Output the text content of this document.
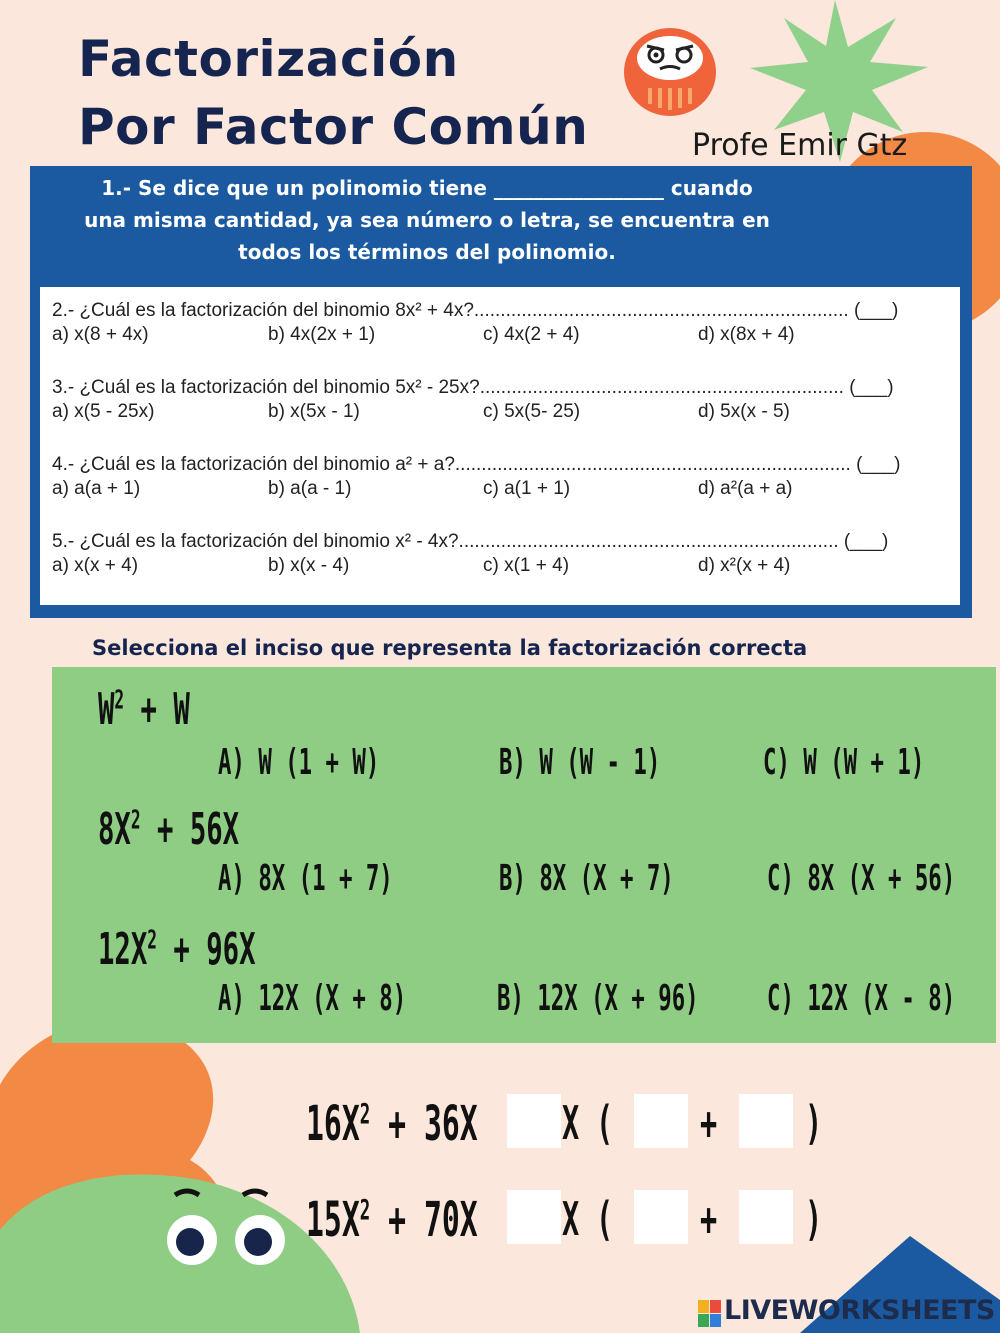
Factorización
Por Factor Común	Profe Emir Gtz
1.- Se dice que un polinomio tiene _________________ cuando
una misma cantidad, ya sea número o letra, se encuentra en
todos los términos del polinomio.
2.- ¿Cuál es la factorización del binomio 8x² + 4x?....................................................................... (___)
a) x(8 + 4x)	b) 4x(2x + 1)	c) 4x(2 + 4)	d) x(8x + 4)
3.- ¿Cuál es la factorización del binomio 5x² - 25x?..................................................................... (___)
a) x(5 - 25x)	b) x(5x - 1)	c) 5x(5- 25)	d) 5x(x - 5)
4.- ¿Cuál es la factorización del binomio a² + a?........................................................................... (___)
a) a(a + 1)	b) a(a - 1)	c) a(1 + 1)	d) a²(a + a)
5.- ¿Cuál es la factorización del binomio x² - 4x?........................................................................ (___)
a) x(x + 4)	b) x(x - 4)	c) x(1 + 4)	d) x²(x + 4)
Selecciona el inciso que representa la factorización correcta
$W^2 + W$
A) W (1 + W)	B) W (W - 1)	C) W (W + 1)
$8X^2 + 56X$
A) 8X (1 + 7)	B) 8X (X + 7)	C) 8X (X + 56)
$12X^2 + 96X$
A) 12X (X + 8)	B) 12X (X + 96) C) 12X (X - 8)
$16X^2 + 36X$ X ( + )
$15X^2 + 70X$ X ( + )
LIVEWORKSHEETS
